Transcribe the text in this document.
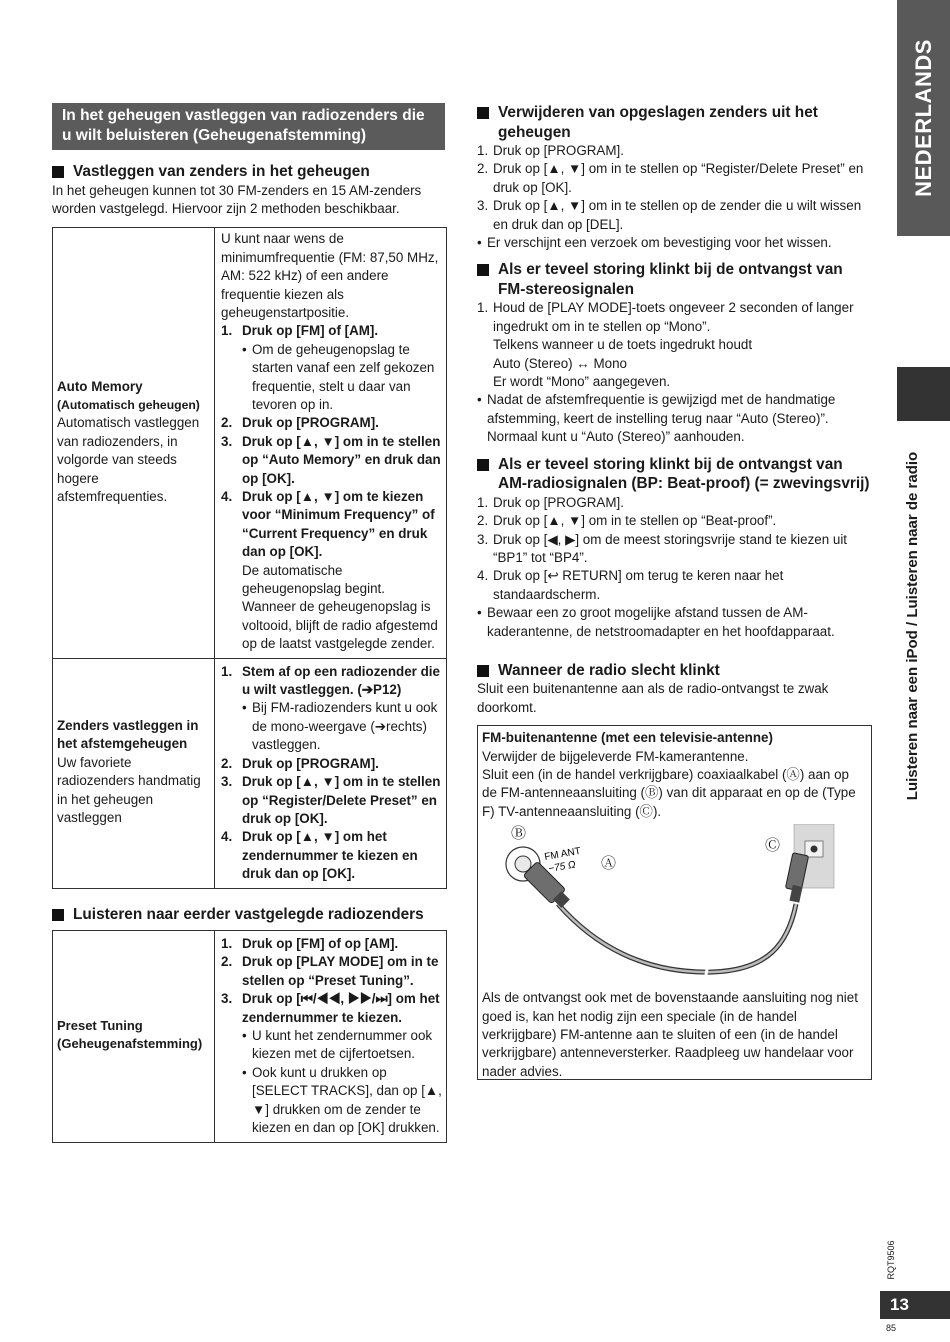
NEDERLANDS
Luisteren naar een iPod / Luisteren naar de radio
RQT9506
13
85
In het geheugen vastleggen van radiozenders die u wilt beluisteren (Geheugenafstemming)
Vastleggen van zenders in het geheugen
In het geheugen kunnen tot 30 FM-zenders en 15 AM-zenders worden vastgelegd. Hiervoor zijn 2 methoden beschikbaar.
Auto Memory
(Automatisch geheugen)
Automatisch vastleggen van radiozenders, in volgorde van steeds hogere afstemfrequenties.
U kunt naar wens de minimumfrequentie (FM: 87,50 MHz, AM: 522 kHz) of een andere frequentie kiezen als geheugenstartpositie.
1. Druk op [FM] of [AM].
• Om de geheugenopslag te starten vanaf een zelf gekozen frequentie, stelt u daar van tevoren op in.
2. Druk op [PROGRAM].
3. Druk op [▲, ▼] om in te stellen op “Auto Memory” en druk dan op [OK].
4. Druk op [▲, ▼] om te kiezen voor “Minimum Frequency” of “Current Frequency” en druk dan op [OK].
De automatische geheugenopslag begint. Wanneer de geheugenopslag is voltooid, blijft de radio afgestemd op de laatst vastgelegde zender.
Zenders vastleggen in het afstemgeheugen
Uw favoriete radiozenders handmatig in het geheugen vastleggen
1. Stem af op een radiozender die u wilt vastleggen. (➔P12)
• Bij FM-radiozenders kunt u ook de mono-weergave (➔rechts) vastleggen.
2. Druk op [PROGRAM].
3. Druk op [▲, ▼] om in te stellen op “Register/Delete Preset” en druk op [OK].
4. Druk op [▲, ▼] om het zendernummer te kiezen en druk dan op [OK].
Luisteren naar eerder vastgelegde radiozenders
Preset Tuning
(Geheugenafstemming)
1. Druk op [FM] of op [AM].
2. Druk op [PLAY MODE] om in te stellen op “Preset Tuning”.
3. Druk op [⏮/◀◀, ▶▶/⏭] om het zendernummer te kiezen.
• U kunt het zendernummer ook kiezen met de cijfertoetsen.
• Ook kunt u drukken op [SELECT TRACKS], dan op [▲, ▼] drukken om de zender te kiezen en dan op [OK] drukken.
Verwijderen van opgeslagen zenders uit het geheugen
1. Druk op [PROGRAM].
2. Druk op [▲, ▼] om in te stellen op “Register/Delete Preset” en druk op [OK].
3. Druk op [▲, ▼] om in te stellen op de zender die u wilt wissen en druk dan op [DEL].
• Er verschijnt een verzoek om bevestiging voor het wissen.
Als er teveel storing klinkt bij de ontvangst van FM-stereosignalen
1. Houd de [PLAY MODE]-toets ongeveer 2 seconden of langer ingedrukt om in te stellen op “Mono”.
Telkens wanneer u de toets ingedrukt houdt
Auto (Stereo) ↔ Mono
Er wordt “Mono” aangegeven.
• Nadat de afstemfrequentie is gewijzigd met de handmatige afstemming, keert de instelling terug naar “Auto (Stereo)”.
Normaal kunt u “Auto (Stereo)” aanhouden.
Als er teveel storing klinkt bij de ontvangst van AM-radiosignalen (BP: Beat-proof) (= zwevingsvrij)
1. Druk op [PROGRAM].
2. Druk op [▲, ▼] om in te stellen op “Beat-proof”.
3. Druk op [◀, ▶] om de meest storingsvrije stand te kiezen uit “BP1” tot “BP4”.
4. Druk op [↩ RETURN] om terug te keren naar het standaardscherm.
• Bewaar een zo groot mogelijke afstand tussen de AM-kaderantenne, de netstroomadapter en het hoofdapparaat.
Wanneer de radio slecht klinkt
Sluit een buitenantenne aan als de radio-ontvangst te zwak doorkomt.
FM-buitenantenne (met een televisie-antenne)
Verwijder de bijgeleverde FM-kamerantenne.
Sluit een (in de handel verkrijgbare) coaxiaalkabel (Ⓐ) aan op de FM-antenneaansluiting (Ⓑ) van dit apparaat en op de (Type F) TV-antenneaansluiting (Ⓒ).
Ⓑ
Ⓐ
Ⓒ
FM ANT
−75 Ω
Als de ontvangst ook met de bovenstaande aansluiting nog niet goed is, kan het nodig zijn een speciale (in de handel verkrijgbare) FM-antenne aan te sluiten of een (in de handel verkrijgbare) antenneversterker. Raadpleeg uw handelaar voor nader advies.
